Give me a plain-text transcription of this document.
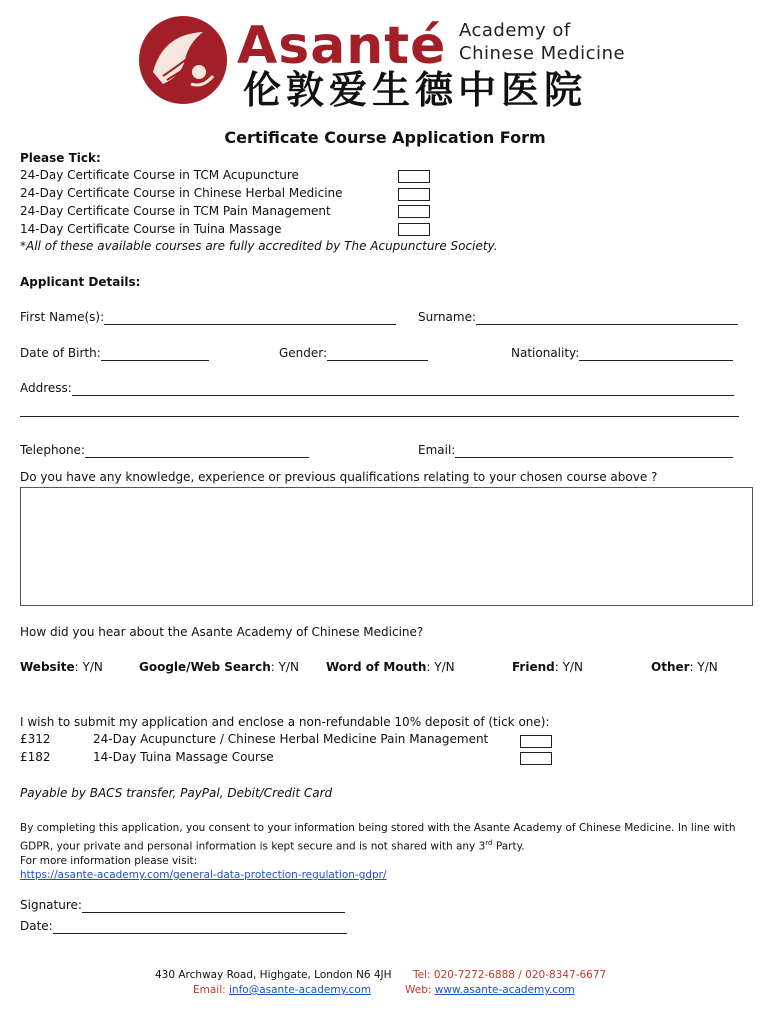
Asanté Academy of
Chinese Medicine
伦敦爱生德中医院
Certificate Course Application Form
Please Tick:
24-Day Certificate Course in TCM Acupuncture
24-Day Certificate Course in Chinese Herbal Medicine
24-Day Certificate Course in TCM Pain Management
14-Day Certificate Course in Tuina Massage
*All of these available courses are fully accredited by The Acupuncture Society.
Applicant Details:
First Name(s):	Surname:
Date of Birth:	Gender:	Nationality:
Address:
Telephone:	Email:
Do you have any knowledge, experience or previous qualifications relating to your chosen course above ?
How did you hear about the Asante Academy of Chinese Medicine?
Website: Y/N	Google/Web Search: Y/N Word of Mouth: Y/N	Friend: Y/N	Other: Y/N
I wish to submit my application and enclose a non-refundable 10% deposit of (tick one):
£312	24-Day Acupuncture / Chinese Herbal Medicine Pain Management
£182	14-Day Tuina Massage Course
Payable by BACS transfer, PayPal, Debit/Credit Card
By completing this application, you consent to your information being stored with the Asante Academy of Chinese Medicine. In line with
GDPR, your private and personal information is kept secure and is not shared with any 3rd Party.
For more information please visit:
https://asante-academy.com/general-data-protection-regulation-gdpr/
Signature:
Date:
430 Archway Road, Highgate, London N6 4JH Tel: 020-7272-6888 / 020-8347-6677
Email: info@asante-academy.com	Web: www.asante-academy.com
